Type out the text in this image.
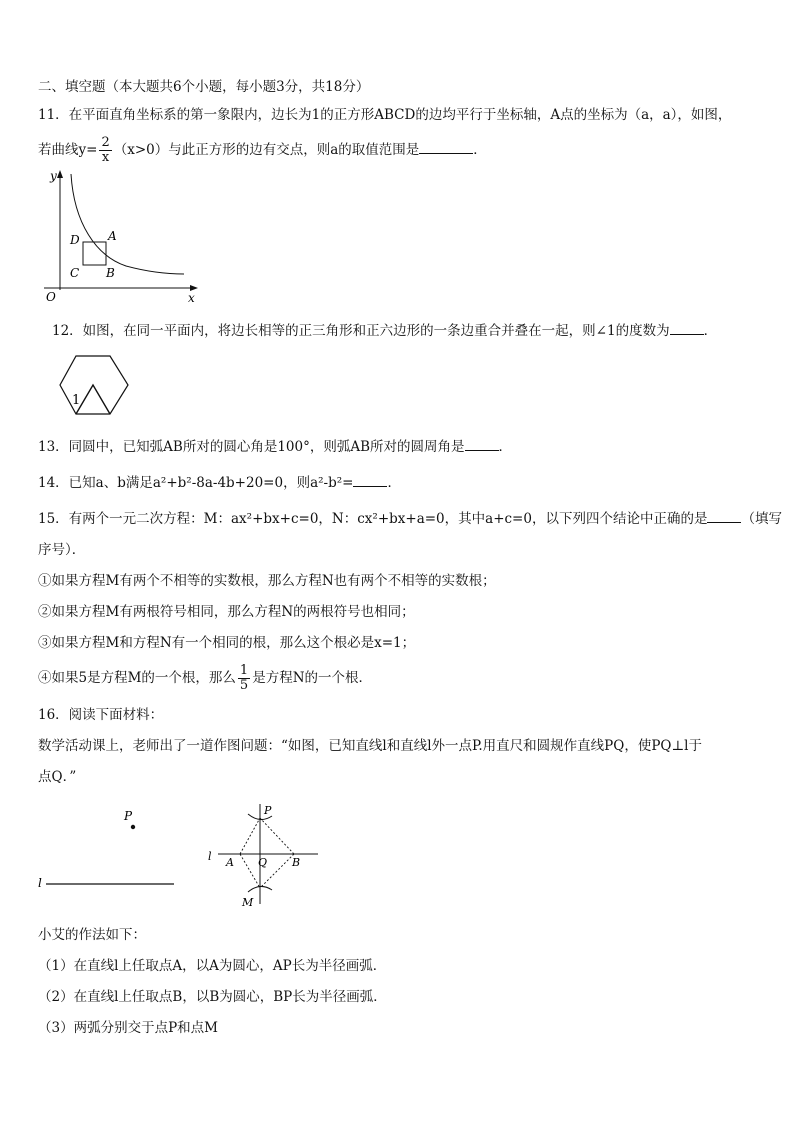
二、填空题（本大题共6个小题，每小题3分，共18分）
11．在平面直角坐标系的第一象限内，边长为1的正方形ABCD的边均平行于坐标轴，A点的坐标为（a，a），如图，
若曲线$y= \frac{2}{x} (x>0)$与此正方形的边有交点，则a的取值范围是	．
y
x
O
A
B
C
D
12．如图，在同一平面内，将边长相等的正三角形和正六边形的一条边重合并叠在一起，则∠1的度数为	．
1
13．同圆中，已知弧AB所对的圆心角是100°，则弧AB所对的圆周角是	．
14．已知a、b满足a²+b²-8a-4b+20=0，则a²-b²=	．
15．有两个一元二次方程：M：ax²+bx+c=0，N：cx²+bx+a=0，其中a+c=0，以下列四个结论中正确的是	（填写
序号）．
①如果方程M有两个不相等的实数根，那么方程N也有两个不相等的实数根；
②如果方程M有两根符号相同，那么方程N的两根符号也相同；
③如果方程M和方程N有一个相同的根，那么这个根必是x=1；
④如果5是方程M的一个根，那么 $\frac{1}{5}$ 是方程N的一个根．
16．阅读下面材料：
数学活动课上，老师出了一道作图问题：“如图，已知直线l和直线l外一点P.用直尺和圆规作直线PQ，使PQ⊥l于
点Q．”
P
l
P
l A Q B
M
小艾的作法如下：
（1）在直线l上任取点A，以A为圆心，AP长为半径画弧．
（2）在直线l上任取点B，以B为圆心，BP长为半径画弧．
（3）两弧分别交于点P和点M
